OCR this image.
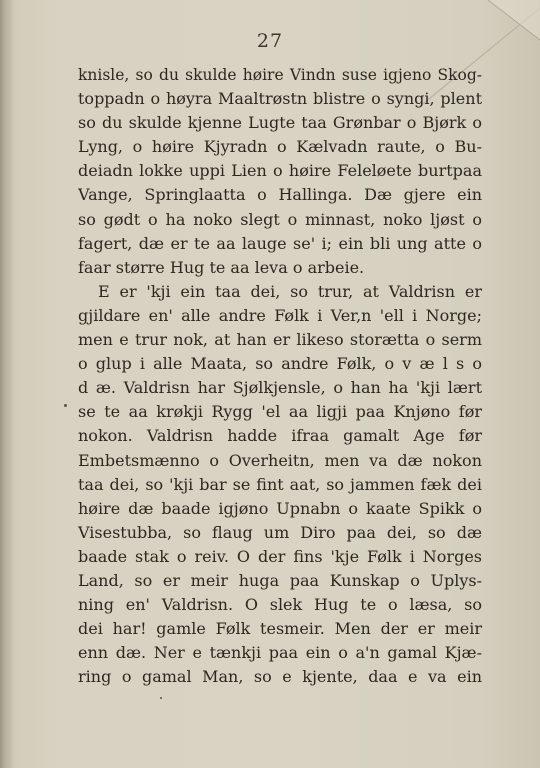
27
knisle, so du skulde høire Vindn suse igjeno Skog-
toppadn o høyra Maaltrøstn blistre o syngi, plent
so du skulde kjenne Lugte taa Grønbar o Bjørk o
Lyng, o høire Kjyradn o Kælvadn raute, o Bu-
deiadn lokke uppi Lien o høire Feleløete burtpaa
Vange, Springlaatta o Hallinga. Dæ gjere ein
so gødt o ha noko slegt o minnast, noko ljøst o
fagert, dæ er te aa lauge se' i; ein bli ung atte o
faar større Hug te aa leva o arbeie.
E er 'kji ein taa dei, so trur, at Valdrisn er
gjildare en' alle andre Følk i Ver,n 'ell i Norge;
men e trur nok, at han er likeso storætta o serm
o glup i alle Maata, so andre Følk, o v æ l s o
d æ. Valdrisn har Sjølkjensle, o han ha 'kji lært
se te aa krøkji Rygg 'el aa ligji paa Knjøno før
nokon. Valdrisn hadde ifraa gamalt Age før
Embetsmænno o Overheitn, men va dæ nokon
taa dei, so 'kji bar se fint aat, so jammen fæk dei
høire dæ baade igjøno Upnabn o kaate Spikk o
Visestubba, so flaug um Diro paa dei, so dæ
baade stak o reiv. O der fins 'kje Følk i Norges
Land, so er meir huga paa Kunskap o Uplys-
ning en' Valdrisn. O slek Hug te o læsa, so
dei har! gamle Følk tesmeir. Men der er meir
enn dæ. Ner e tænkji paa ein o a'n gamal Kjæ-
ring o gamal Man, so e kjente, daa e va ein
